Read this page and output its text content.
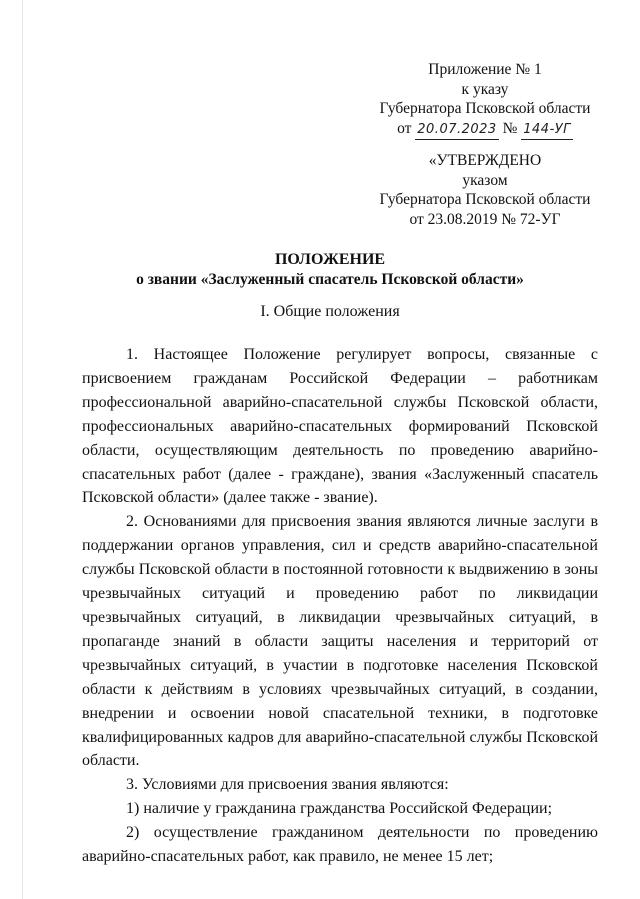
Приложение № 1
к указу
Губернатора Псковской области
от 20.07.2023 № 144-УГ
«УТВЕРЖДЕНО
указом
Губернатора Псковской области
от 23.08.2019 № 72-УГ
ПОЛОЖЕНИЕ
о звании «Заслуженный спасатель Псковской области»
I. Общие положения

1. Настоящее Положение регулирует вопросы, связанные с присвоением гражданам Российской Федерации – работникам профессиональной аварийно-спасательной службы Псковской области, профессиональных аварийно-спасательных формирований Псковской области, осуществляющим деятельность по проведению аварийно-спасательных работ (далее - граждане), звания «Заслуженный спасатель Псковской области» (далее также - звание).

2. Основаниями для присвоения звания являются личные заслуги в поддержании органов управления, сил и средств аварийно-спасательной службы Псковской области в постоянной готовности к выдвижению в зоны чрезвычайных ситуаций и проведению работ по ликвидации чрезвычайных ситуаций, в ликвидации чрезвычайных ситуаций, в пропаганде знаний в области защиты населения и территорий от чрезвычайных ситуаций, в участии в подготовке населения Псковской области к действиям в условиях чрезвычайных ситуаций, в создании, внедрении и освоении новой спасательной техники, в подготовке квалифицированных кадров для аварийно-спасательной службы Псковской области.

3. Условиями для присвоения звания являются:

1) наличие у гражданина гражданства Российской Федерации;

2) осуществление гражданином деятельности по проведению аварийно-спасательных работ, как правило, не менее 15 лет;
